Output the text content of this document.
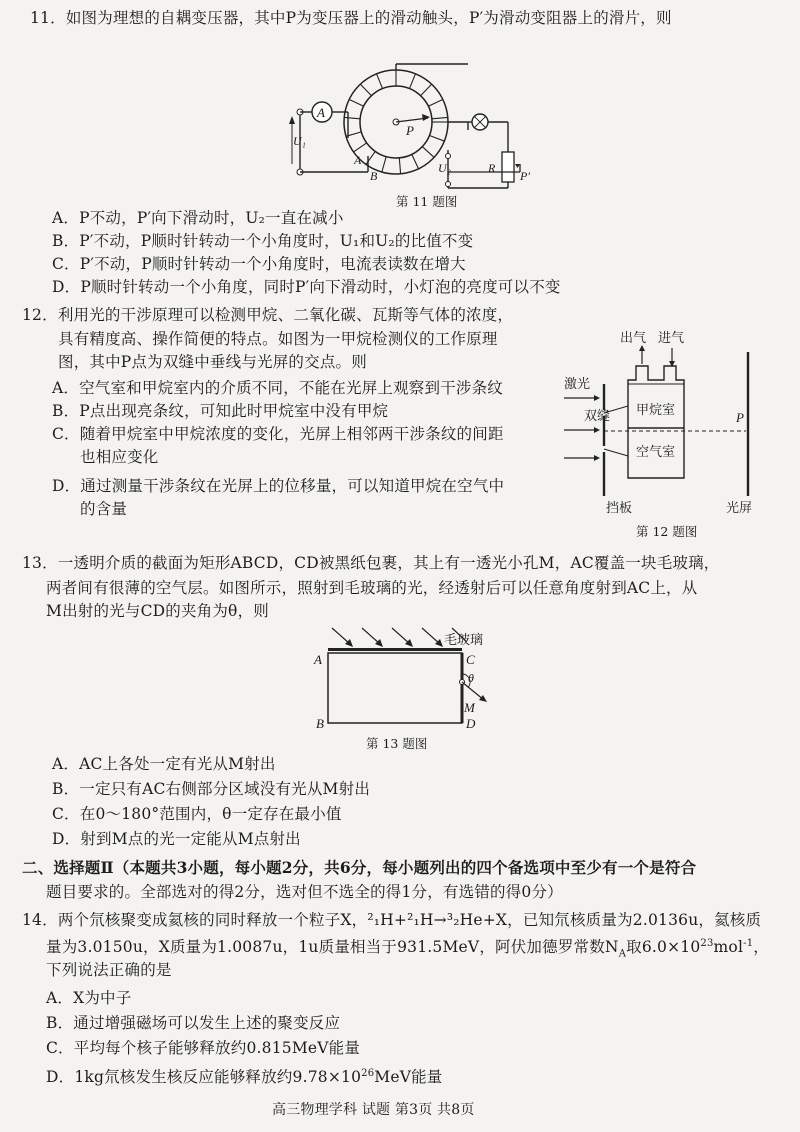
11．如图为理想的自耦变压器，其中P为变压器上的滑动触头，P′为滑动变阻器上的滑片，则
A
U₁
P
A
B
U₂	R
P′
第 11 题图
A．P不动，P′向下滑动时，U₂一直在减小
B．P′不动，P顺时针转动一个小角度时，U₁和U₂的比值不变
C．P′不动，P顺时针转动一个小角度时，电流表读数在增大
D．P顺时针转动一个小角度，同时P′向下滑动时，小灯泡的亮度可以不变
12．利用光的干涉原理可以检测甲烷、二氧化碳、瓦斯等气体的浓度，
具有精度高、操作简便的特点。如图为一甲烷检测仪的工作原理
图，其中P点为双缝中垂线与光屏的交点。则
A．空气室和甲烷室内的介质不同，不能在光屏上观察到干涉条纹
B．P点出现亮条纹，可知此时甲烷室中没有甲烷
C．随着甲烷室中甲烷浓度的变化，光屏上相邻两干涉条纹的间距
也相应变化
D．通过测量干涉条纹在光屏上的位移量，可以知道甲烷在空气中
的含量
出气 进气
甲烷室
空气室
激光
双缝	P
挡板	光屏
第 12 题图
13．一透明介质的截面为矩形ABCD，CD被黑纸包裹，其上有一透光小孔M，AC覆盖一块毛玻璃，
两者间有很薄的空气层。如图所示，照射到毛玻璃的光，经透射后可以任意角度射到AC上，从
M出射的光与CD的夹角为θ，则
毛玻璃
A
B
C
D
θ
M
第 13 题图
A．AC上各处一定有光从M射出
B．一定只有AC右侧部分区域没有光从M射出
C．在0～180°范围内，θ一定存在最小值
D．射到M点的光一定能从M点射出
二、选择题Ⅱ（本题共3小题，每小题2分，共6分，每小题列出的四个备选项中至少有一个是符合
题目要求的。全部选对的得2分，选对但不选全的得1分，有选错的得0分）
14．两个氘核聚变成氦核的同时释放一个粒子X，²₁H+²₁H→³₂He+X，已知氘核质量为2.0136u，氦核质
量为3.0150u，X质量为1.0087u，1u质量相当于931.5MeV，阿伏加德罗常数$N_A$取$6.0\times 10^{23}mol^{-1}$，
下列说法正确的是
A．X为中子
B．通过增强磁场可以发生上述的聚变反应
C．平均每个核子能够释放约0.815MeV能量
D．1kg氘核发生核反应能够释放约$9.78\times 10^{26}MeV$能量
高三物理学科 试题 第3页 共8页
